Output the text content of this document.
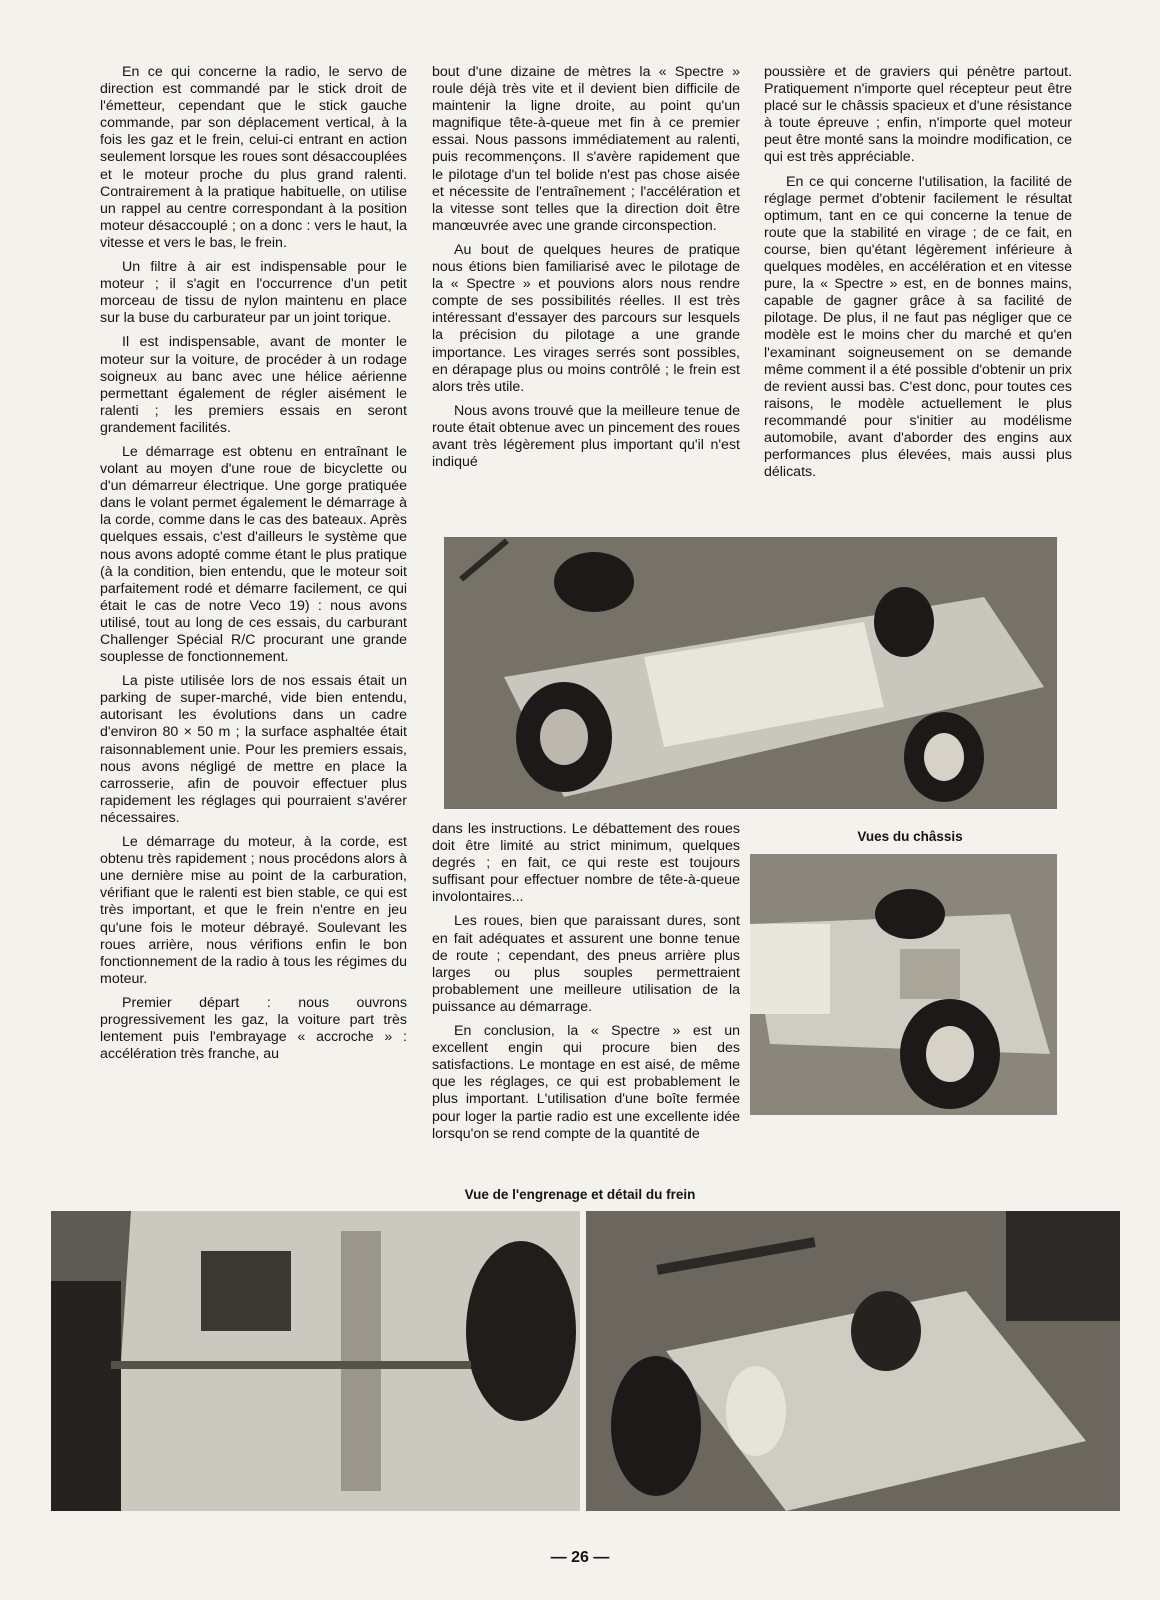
En ce qui concerne la radio, le servo de direction est commandé par le stick droit de l'émetteur, cependant que le stick gauche commande, par son déplacement vertical, à la fois les gaz et le frein, celui-ci entrant en action seulement lorsque les roues sont désaccouplées et le moteur proche du plus grand ralenti. Contrairement à la pratique habituelle, on utilise un rappel au centre correspondant à la position moteur désaccouplé ; on a donc : vers le haut, la vitesse et vers le bas, le frein.

Un filtre à air est indispensable pour le moteur ; il s'agit en l'occurrence d'un petit morceau de tissu de nylon maintenu en place sur la buse du carburateur par un joint torique.

Il est indispensable, avant de monter le moteur sur la voiture, de procéder à un rodage soigneux au banc avec une hélice aérienne permettant également de régler aisément le ralenti ; les premiers essais en seront grandement facilités.

Le démarrage est obtenu en entraînant le volant au moyen d'une roue de bicyclette ou d'un démarreur électrique. Une gorge pratiquée dans le volant permet également le démarrage à la corde, comme dans le cas des bateaux. Après quelques essais, c'est d'ailleurs le système que nous avons adopté comme étant le plus pratique (à la condition, bien entendu, que le moteur soit parfaitement rodé et démarre facilement, ce qui était le cas de notre Veco 19) : nous avons utilisé, tout au long de ces essais, du carburant Challenger Spécial R/C procurant une grande souplesse de fonctionnement.

La piste utilisée lors de nos essais était un parking de super-marché, vide bien entendu, autorisant les évolutions dans un cadre d'environ 80 × 50 m ; la surface asphaltée était raisonnablement unie. Pour les premiers essais, nous avons négligé de mettre en place la carrosserie, afin de pouvoir effectuer plus rapidement les réglages qui pourraient s'avérer nécessaires.

Le démarrage du moteur, à la corde, est obtenu très rapidement ; nous procédons alors à une dernière mise au point de la carburation, vérifiant que le ralenti est bien stable, ce qui est très important, et que le frein n'entre en jeu qu'une fois le moteur débrayé. Soulevant les roues arrière, nous vérifions enfin le bon fonctionnement de la radio à tous les régimes du moteur.

Premier départ : nous ouvrons progressivement les gaz, la voiture part très lentement puis l'embrayage « accroche » : accélération très franche, au

bout d'une dizaine de mètres la « Spectre » roule déjà très vite et il devient bien difficile de maintenir la ligne droite, au point qu'un magnifique tête-à-queue met fin à ce premier essai. Nous passons immédiatement au ralenti, puis recommençons. Il s'avère rapidement que le pilotage d'un tel bolide n'est pas chose aisée et nécessite de l'entraînement ; l'accélération et la vitesse sont telles que la direction doit être manœuvrée avec une grande circonspection.

Au bout de quelques heures de pratique nous étions bien familiarisé avec le pilotage de la « Spectre » et pouvions alors nous rendre compte de ses possibilités réelles. Il est très intéressant d'essayer des parcours sur lesquels la précision du pilotage a une grande importance. Les virages serrés sont possibles, en dérapage plus ou moins contrôlé ; le frein est alors très utile.

Nous avons trouvé que la meilleure tenue de route était obtenue avec un pincement des roues avant très légèrement plus important qu'il n'est indiqué

poussière et de graviers qui pénètre partout. Pratiquement n'importe quel récepteur peut être placé sur le châssis spacieux et d'une résistance à toute épreuve ; enfin, n'importe quel moteur peut être monté sans la moindre modification, ce qui est très appréciable.

En ce qui concerne l'utilisation, la facilité de réglage permet d'obtenir facilement le résultat optimum, tant en ce qui concerne la tenue de route que la stabilité en virage ; de ce fait, en course, bien qu'étant légèrement inférieure à quelques modèles, en accélération et en vitesse pure, la « Spectre » est, en de bonnes mains, capable de gagner grâce à sa facilité de pilotage. De plus, il ne faut pas négliger que ce modèle est le moins cher du marché et qu'en l'examinant soigneusement on se demande même comment il a été possible d'obtenir un prix de revient aussi bas. C'est donc, pour toutes ces raisons, le modèle actuellement le plus recommandé pour s'initier au modélisme automobile, avant d'aborder des engins aux performances plus élevées, mais aussi plus délicats.

Vues du châssis

dans les instructions. Le débattement des roues doit être limité au strict minimum, quelques degrés ; en fait, ce qui reste est toujours suffisant pour effectuer nombre de tête-à-queue involontaires...

Les roues, bien que paraissant dures, sont en fait adéquates et assurent une bonne tenue de route ; cependant, des pneus arrière plus larges ou plus souples permettraient probablement une meilleure utilisation de la puissance au démarrage.

En conclusion, la « Spectre » est un excellent engin qui procure bien des satisfactions. Le montage en est aisé, de même que les réglages, ce qui est probablement le plus important. L'utilisation d'une boîte fermée pour loger la partie radio est une excellente idée lorsqu'on se rend compte de la quantité de

Vue de l'engrenage et détail du frein
— 26 —
